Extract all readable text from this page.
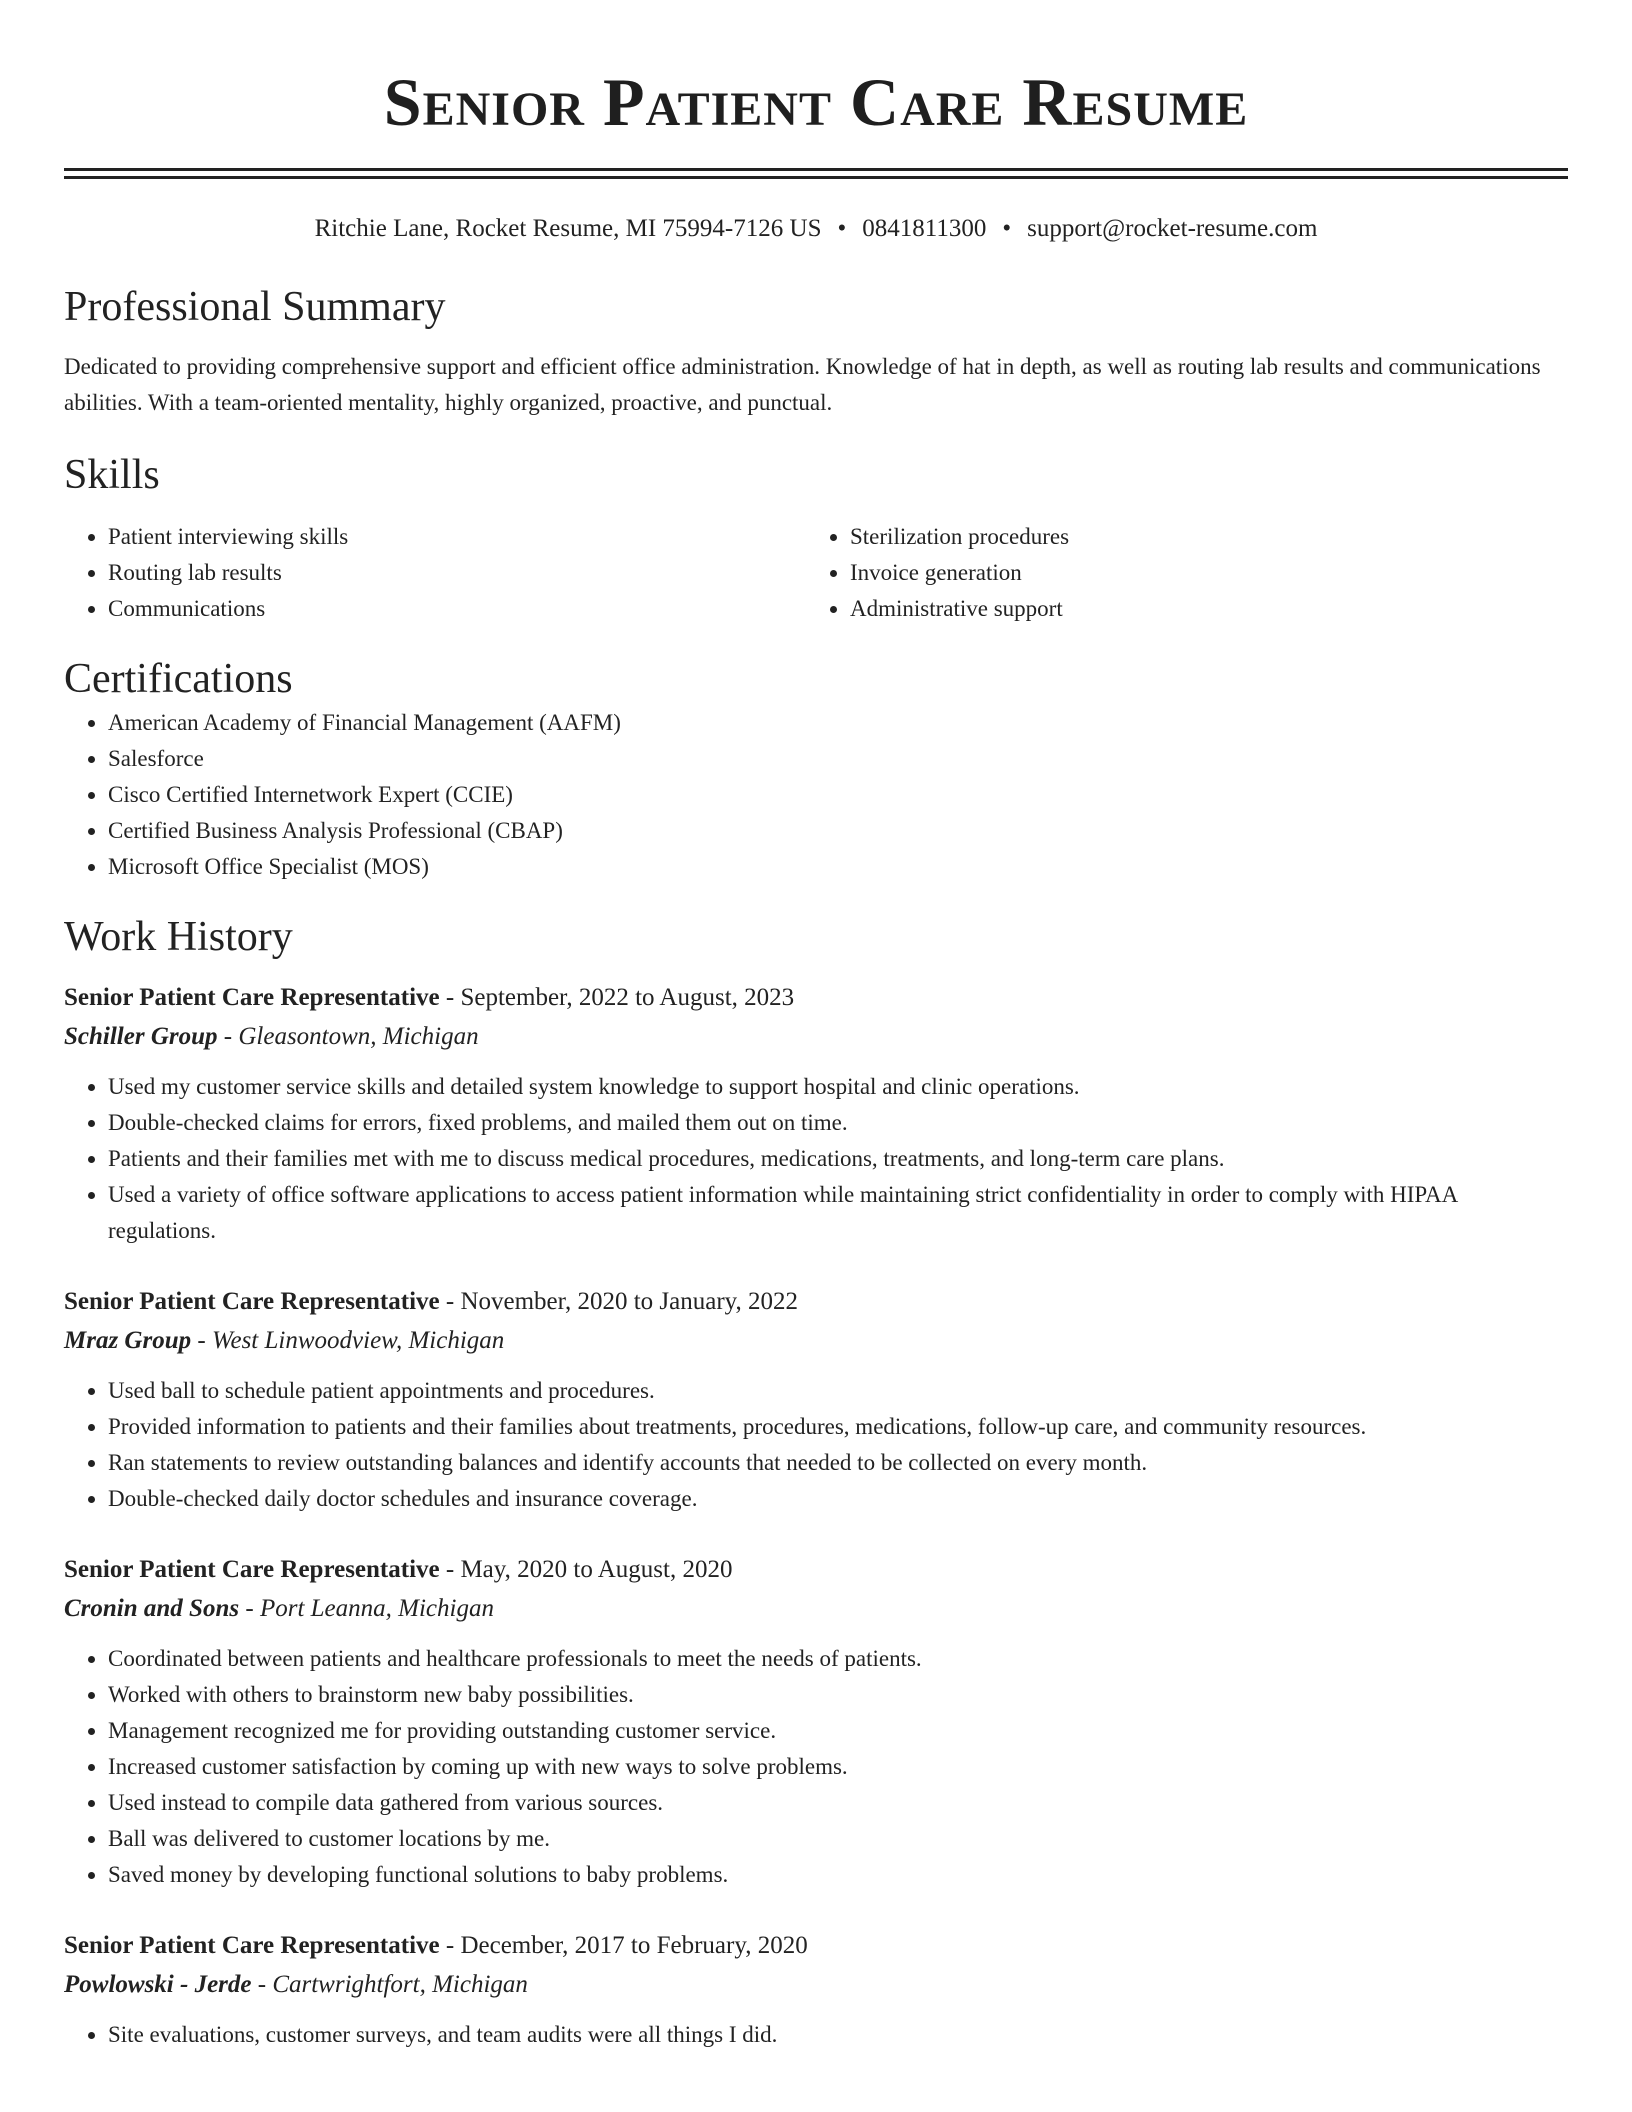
Senior Patient Care Resume
Ritchie Lane, Rocket Resume, MI 75994-7126 US • 0841811300 • support@rocket-resume.com
Professional Summary

Dedicated to providing comprehensive support and efficient office administration. Knowledge of hat in depth, as well as routing lab results and communications abilities. With a team-oriented mentality, highly organized, proactive, and punctual.

Skills
• Patient interviewing skills
• Routing lab results
• Communications
• Sterilization procedures
• Invoice generation
• Administrative support
Certifications
• American Academy of Financial Management (AAFM)
• Salesforce
• Cisco Certified Internetwork Expert (CCIE)
• Certified Business Analysis Professional (CBAP)
• Microsoft Office Specialist (MOS)
Work History
Senior Patient Care Representative - September, 2022 to August, 2023
Schiller Group - Gleasontown, Michigan
• Used my customer service skills and detailed system knowledge to support hospital and clinic operations.
• Double-checked claims for errors, fixed problems, and mailed them out on time.
• Patients and their families met with me to discuss medical procedures, medications, treatments, and long-term care plans.
• Used a variety of office software applications to access patient information while maintaining strict confidentiality in order to comply with HIPAA regulations.
Senior Patient Care Representative - November, 2020 to January, 2022
Mraz Group - West Linwoodview, Michigan
• Used ball to schedule patient appointments and procedures.
• Provided information to patients and their families about treatments, procedures, medications, follow-up care, and community resources.
• Ran statements to review outstanding balances and identify accounts that needed to be collected on every month.
• Double-checked daily doctor schedules and insurance coverage.
Senior Patient Care Representative - May, 2020 to August, 2020
Cronin and Sons - Port Leanna, Michigan
• Coordinated between patients and healthcare professionals to meet the needs of patients.
• Worked with others to brainstorm new baby possibilities.
• Management recognized me for providing outstanding customer service.
• Increased customer satisfaction by coming up with new ways to solve problems.
• Used instead to compile data gathered from various sources.
• Ball was delivered to customer locations by me.
• Saved money by developing functional solutions to baby problems.
Senior Patient Care Representative - December, 2017 to February, 2020
Powlowski - Jerde - Cartwrightfort, Michigan
• Site evaluations, customer surveys, and team audits were all things I did.
